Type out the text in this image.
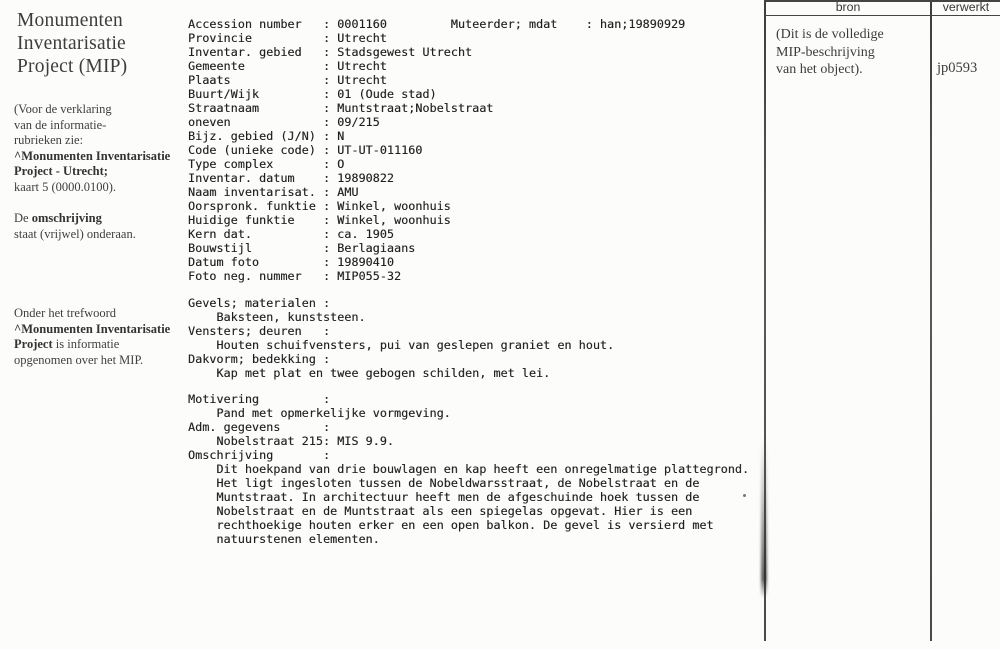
Monumenten
Inventarisatie
Project (MIP)
(Voor de verklaring
van de informatie-
rubrieken zie:
^Monumenten Inventarisatie
Project - Utrecht;
kaart 5 (0000.0100).
De omschrijving
staat (vrijwel) onderaan.
Onder het trefwoord
^Monumenten Inventarisatie
Project is informatie
opgenomen over het MIP.
Accession number   : 0001160         Muteerder; mdat    : han;19890929
Provincie          : Utrecht
Inventar. gebied   : Stadsgewest Utrecht
Gemeente           : Utrecht
Plaats             : Utrecht
Buurt/Wijk         : 01 (Oude stad)
Straatnaam         : Muntstraat;Nobelstraat
oneven             : 09/215
Bijz. gebied (J/N) : N
Code (unieke code) : UT-UT-011160
Type complex       : O
Inventar. datum    : 19890822
Naam inventarisat. : AMU
Oorspronk. funktie : Winkel, woonhuis
Huidige funktie    : Winkel, woonhuis
Kern dat.          : ca. 1905
Bouwstijl          : Berlagiaans
Datum foto         : 19890410
Foto neg. nummer   : MIP055-32
Gevels; materialen :
Baksteen, kunststeen.
Vensters; deuren   :
Houten schuifvensters, pui van geslepen graniet en hout.
Dakvorm; bedekking :
Kap met plat en twee gebogen schilden, met lei.
Motivering         :
Pand met opmerkelijke vormgeving.
Adm. gegevens      :
Nobelstraat 215: MIS 9.9.
Omschrijving       :
Dit hoekpand van drie bouwlagen en kap heeft een onregelmatige plattegrond.
Het ligt ingesloten tussen de Nobeldwarsstraat, de Nobelstraat en de
Muntstraat. In architectuur heeft men de afgeschuinde hoek tussen de
Nobelstraat en de Muntstraat als een spiegelas opgevat. Hier is een
rechthoekige houten erker en een open balkon. De gevel is versierd met
natuurstenen elementen.
bron	verwerkt
(Dit is de volledige
MIP-beschrijving
van het object).	jp0593
